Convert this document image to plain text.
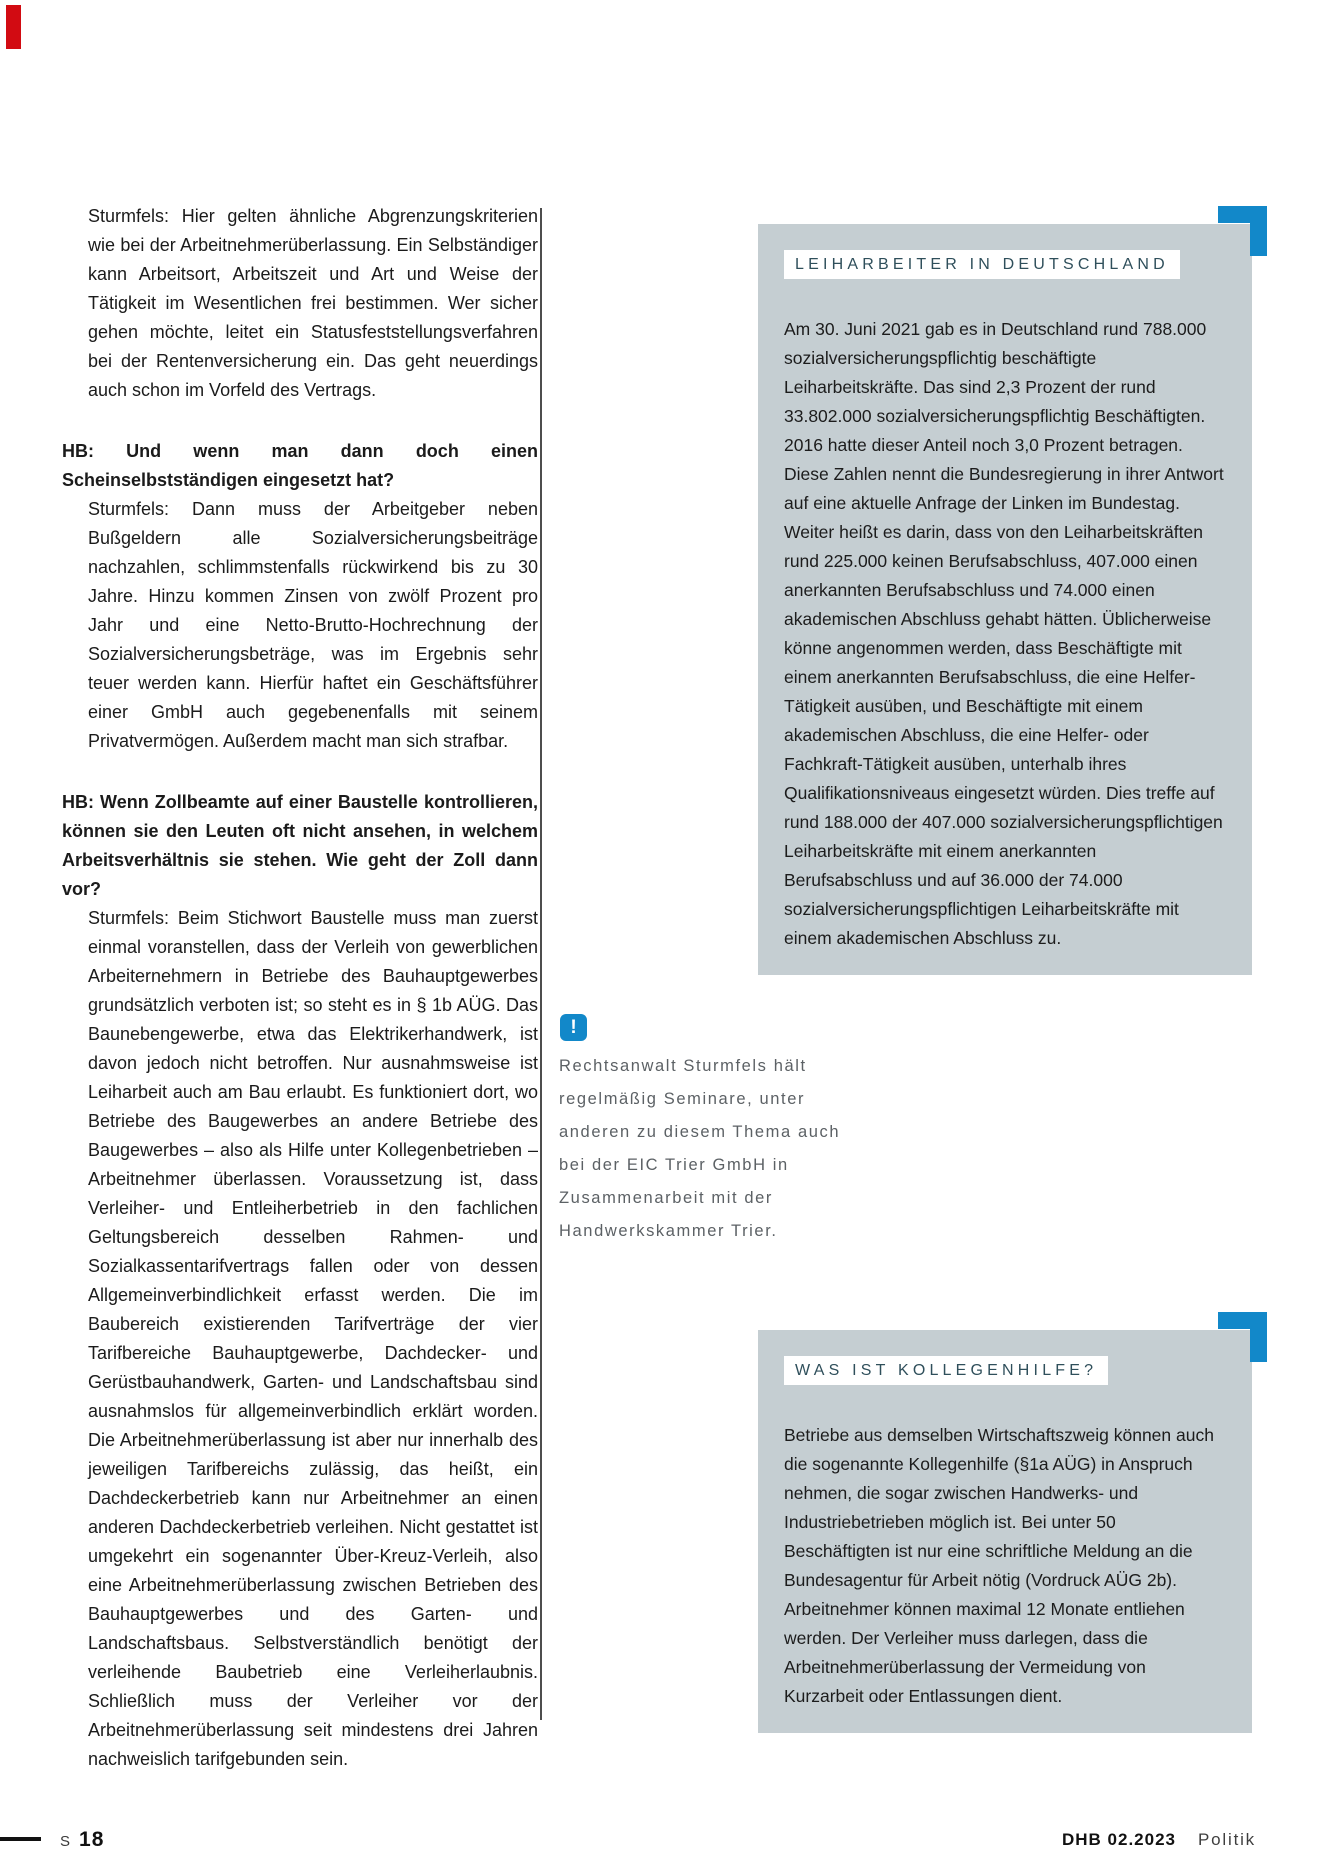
Sturmfels: Hier gelten ähnliche Abgrenzungskriterien wie bei der Arbeitnehmerüberlassung. Ein Selbständiger kann Arbeitsort, Arbeitszeit und Art und Weise der Tätigkeit im Wesentlichen frei bestimmen. Wer sicher gehen möchte, leitet ein Statusfeststellungsverfahren bei der Rentenversicherung ein. Das geht neuerdings auch schon im Vorfeld des Vertrags.

HB: Und wenn man dann doch einen Scheinselbstständigen eingesetzt hat?

Sturmfels: Dann muss der Arbeitgeber neben Bußgeldern alle Sozialversicherungsbeiträge nachzahlen, schlimmstenfalls rückwirkend bis zu 30 Jahre. Hinzu kommen Zinsen von zwölf Prozent pro Jahr und eine Netto-Brutto-Hochrechnung der Sozialversicherungsbeträge, was im Ergebnis sehr teuer werden kann. Hierfür haftet ein Geschäftsführer einer GmbH auch gegebenenfalls mit seinem Privatvermögen. Außerdem macht man sich strafbar.

HB: Wenn Zollbeamte auf einer Baustelle kontrollieren, können sie den Leuten oft nicht ansehen, in welchem Arbeitsverhältnis sie stehen. Wie geht der Zoll dann vor?

Sturmfels: Beim Stichwort Baustelle muss man zuerst einmal voranstellen, dass der Verleih von gewerblichen Arbeiternehmern in Betriebe des Bauhauptgewerbes grundsätzlich verboten ist; so steht es in § 1b AÜG. Das Baunebengewerbe, etwa das Elektrikerhandwerk, ist davon jedoch nicht betroffen. Nur ausnahmsweise ist Leiharbeit auch am Bau erlaubt. Es funktioniert dort, wo Betriebe des Baugewerbes an andere Betriebe des Baugewerbes – also als Hilfe unter Kollegenbetrieben – Arbeitnehmer überlassen. Voraussetzung ist, dass Verleiher- und Entleiherbetrieb in den fachlichen Geltungsbereich desselben Rahmen- und Sozialkassentarifvertrags fallen oder von dessen Allgemeinverbindlichkeit erfasst werden. Die im Baubereich existierenden Tarifverträge der vier Tarifbereiche Bauhauptgewerbe, Dachdecker- und Gerüstbauhandwerk, Garten- und Landschaftsbau sind ausnahmslos für allgemeinverbindlich erklärt worden. Die Arbeitnehmerüberlassung ist aber nur innerhalb des jeweiligen Tarifbereichs zulässig, das heißt, ein Dachdeckerbetrieb kann nur Arbeitnehmer an einen anderen Dachdeckerbetrieb verleihen. Nicht gestattet ist umgekehrt ein sogenannter Über-Kreuz-Verleih, also eine Arbeitnehmerüberlassung zwischen Betrieben des Bauhauptgewerbes und des Garten- und Landschaftsbaus. Selbstverständlich benötigt der verleihende Baubetrieb eine Verleiherlaubnis. Schließlich muss der Verleiher vor der Arbeitnehmerüberlassung seit mindestens drei Jahren nachweislich tarifgebunden sein.

LEIHARBEITER IN DEUTSCHLAND

Am 30. Juni 2021 gab es in Deutschland rund 788.000 sozialversicherungspflichtig beschäftigte Leiharbeitskräfte. Das sind 2,3 Prozent der rund 33.802.000 sozialversicherungspflichtig Beschäftigten. 2016 hatte dieser Anteil noch 3,0 Prozent betragen. Diese Zahlen nennt die Bundesregierung in ihrer Antwort auf eine aktuelle Anfrage der Linken im Bundestag.

Weiter heißt es darin, dass von den Leiharbeitskräften rund 225.000 keinen Berufsabschluss, 407.000 einen anerkannten Berufsabschluss und 74.000 einen akademischen Abschluss gehabt hätten. Üblicherweise könne angenommen werden, dass Beschäftigte mit einem anerkannten Berufsabschluss, die eine Helfer-Tätigkeit ausüben, und Beschäftigte mit einem akademischen Abschluss, die eine Helfer- oder Fachkraft-Tätigkeit ausüben, unterhalb ihres Qualifikationsniveaus eingesetzt würden. Dies treffe auf rund 188.000 der 407.000 sozialversicherungspflichtigen Leiharbeitskräfte mit einem anerkannten Berufsabschluss und auf 36.000 der 74.000 sozialversicherungspflichtigen Leiharbeitskräfte mit einem akademischen Abschluss zu.

!
Rechtsanwalt Sturmfels hält regelmäßig Seminare, unter anderen zu diesem Thema auch bei der EIC Trier GmbH in Zusammenarbeit mit der Handwerkskammer Trier.
WAS IST KOLLEGENHILFE?

Betriebe aus demselben Wirtschaftszweig können auch die sogenannte Kollegenhilfe (§1a AÜG) in Anspruch nehmen, die sogar zwischen Handwerks- und Industriebetrieben möglich ist. Bei unter 50 Beschäftigten ist nur eine schriftliche Meldung an die Bundesagentur für Arbeit nötig (Vordruck AÜG 2b). Arbeitnehmer können maximal 12 Monate entliehen werden. Der Verleiher muss darlegen, dass die Arbeitnehmerüberlassung der Vermeidung von Kurzarbeit oder Entlassungen dient.

S 18	DHB 02.2023 Politik
